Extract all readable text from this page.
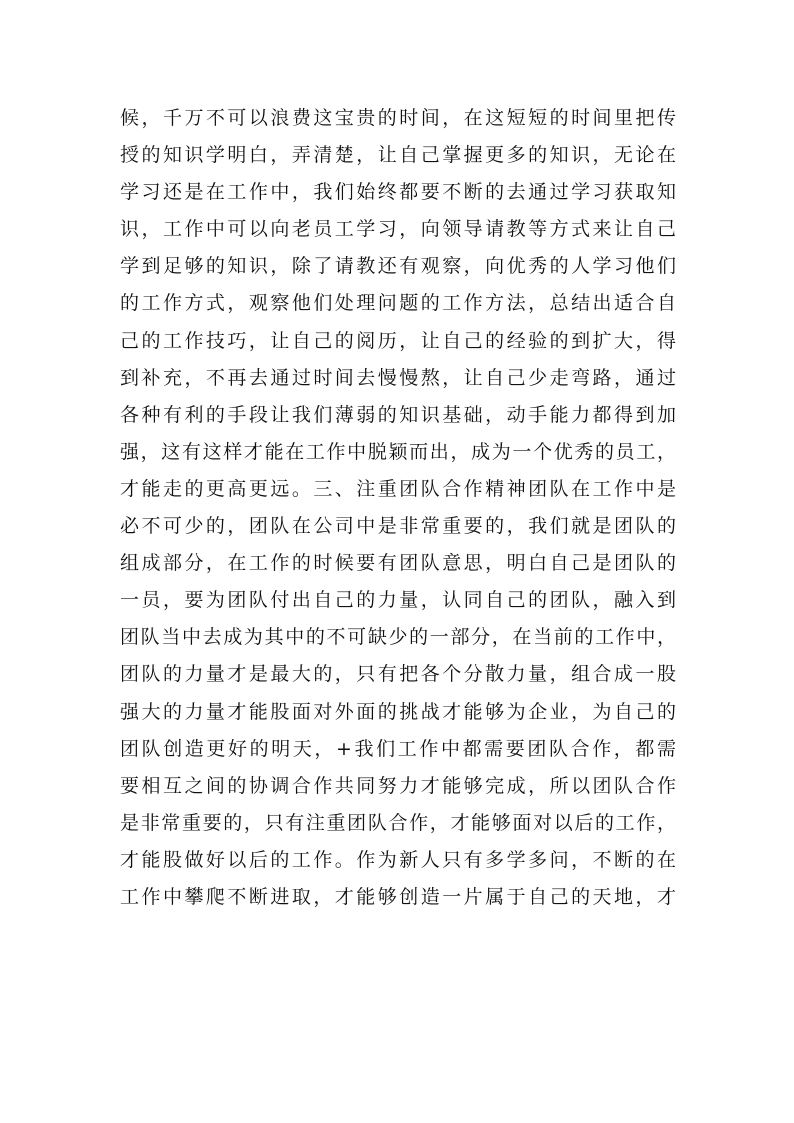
候，千万不可以浪费这宝贵的时间，在这短短的时间里把传
授的知识学明白，弄清楚，让自己掌握更多的知识，无论在
学习还是在工作中，我们始终都要不断的去通过学习获取知
识，工作中可以向老员工学习，向领导请教等方式来让自己
学到足够的知识，除了请教还有观察，向优秀的人学习他们
的工作方式，观察他们处理问题的工作方法，总结出适合自
己的工作技巧，让自己的阅历，让自己的经验的到扩大，得
到补充，不再去通过时间去慢慢熬，让自己少走弯路，通过
各种有利的手段让我们薄弱的知识基础，动手能力都得到加
强，这有这样才能在工作中脱颖而出，成为一个优秀的员工，
才能走的更高更远。三、注重团队合作精神团队在工作中是
必不可少的，团队在公司中是非常重要的，我们就是团队的
组成部分，在工作的时候要有团队意思，明白自己是团队的
一员，要为团队付出自己的力量，认同自己的团队，融入到
团队当中去成为其中的不可缺少的一部分，在当前的工作中，
团队的力量才是最大的，只有把各个分散力量，组合成一股
强大的力量才能股面对外面的挑战才能够为企业，为自己的
团队创造更好的明天，+我们工作中都需要团队合作，都需
要相互之间的协调合作共同努力才能够完成，所以团队合作
是非常重要的，只有注重团队合作，才能够面对以后的工作，
才能股做好以后的工作。作为新人只有多学多问，不断的在
工作中攀爬不断进取，才能够创造一片属于自己的天地，才
